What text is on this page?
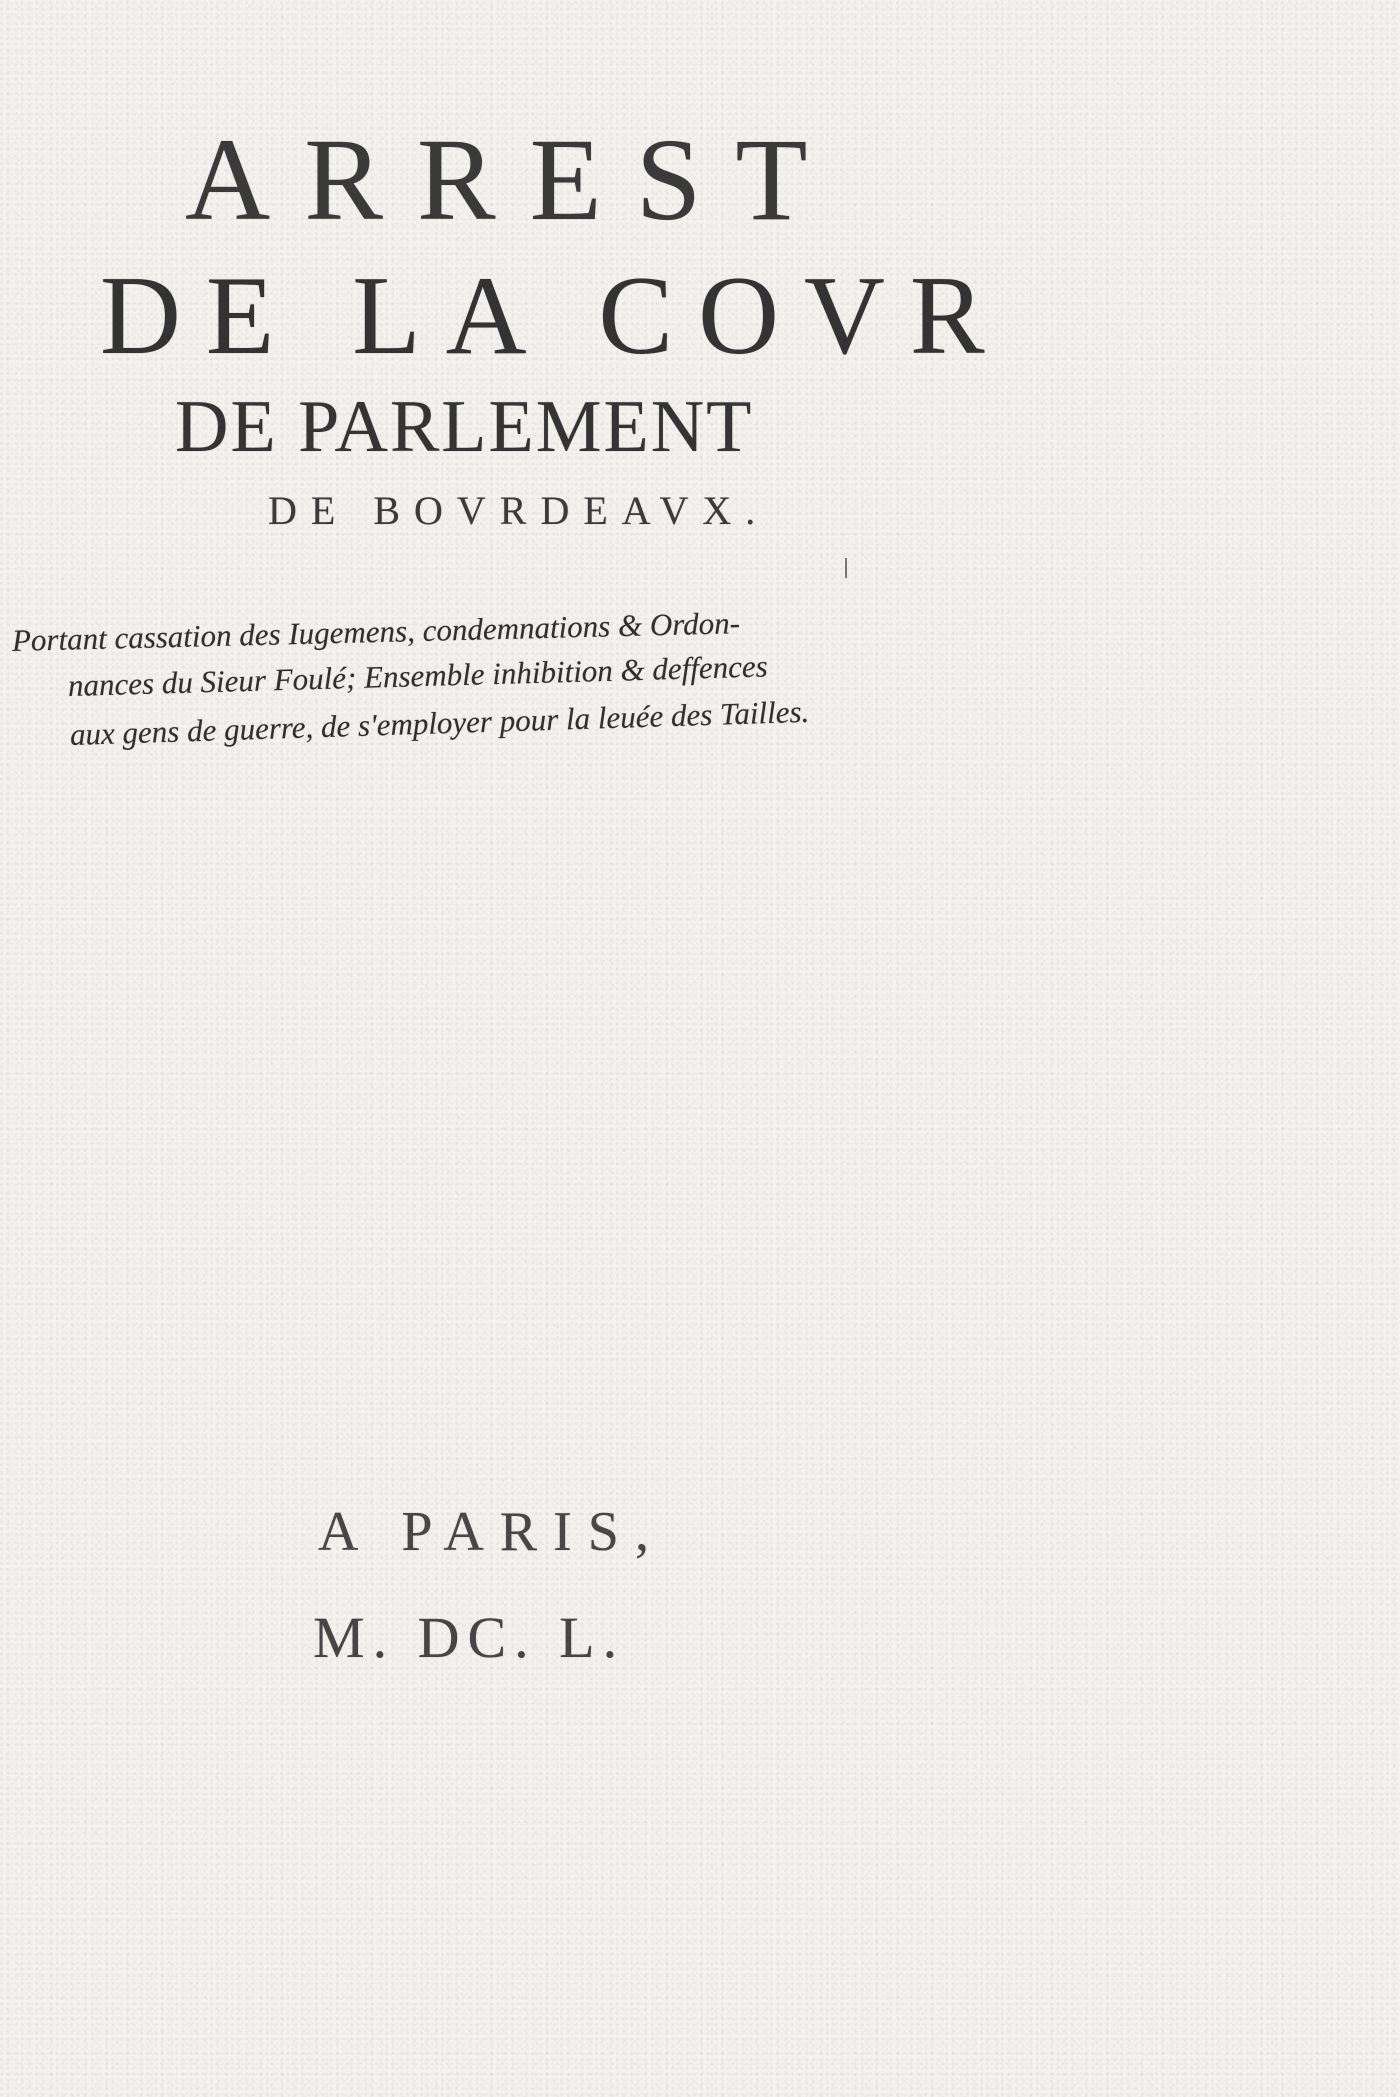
ARREST
DE LA COVR
DE PARLEMENT
DE BOVRDEAVX.
Portant cassation des Iugemens, condemnations & Ordon-
nances du Sieur Foulé; Ensemble inhibition & deffences
aux gens de guerre, de s'employer pour la leuée des Tailles.
A PARIS,
M. DC. L.
